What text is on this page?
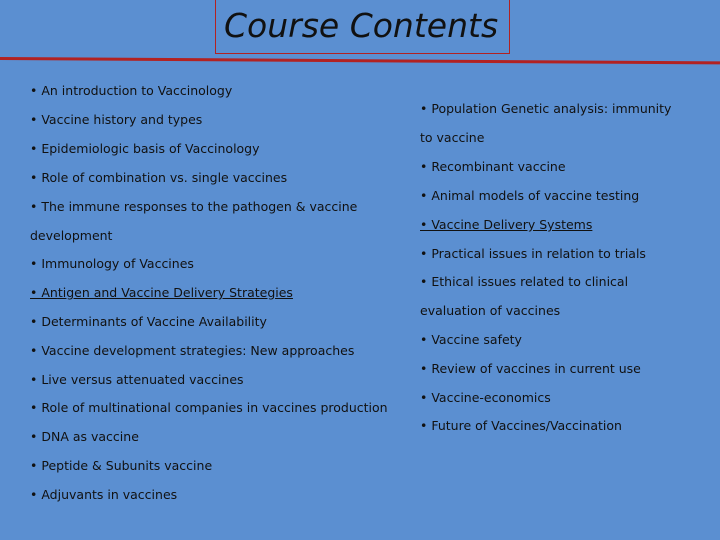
Course Contents
• An introduction to Vaccinology
• Vaccine history and types
• Epidemiologic basis of Vaccinology
• Role of combination vs. single vaccines
• The immune responses to the pathogen & vaccine
development
• Immunology of Vaccines
• Antigen and Vaccine Delivery Strategies
• Determinants of Vaccine Availability
• Vaccine development strategies: New approaches
• Live versus attenuated vaccines
• Role of multinational companies in vaccines production
• DNA as vaccine
• Peptide & Subunits vaccine
• Adjuvants in vaccines
• Population Genetic analysis: immunity
to vaccine
• Recombinant vaccine
• Animal models of vaccine testing
• Vaccine Delivery Systems
• Practical issues in relation to trials
• Ethical issues related to clinical
evaluation of vaccines
• Vaccine safety
• Review of vaccines in current use
• Vaccine-economics
• Future of Vaccines/Vaccination
